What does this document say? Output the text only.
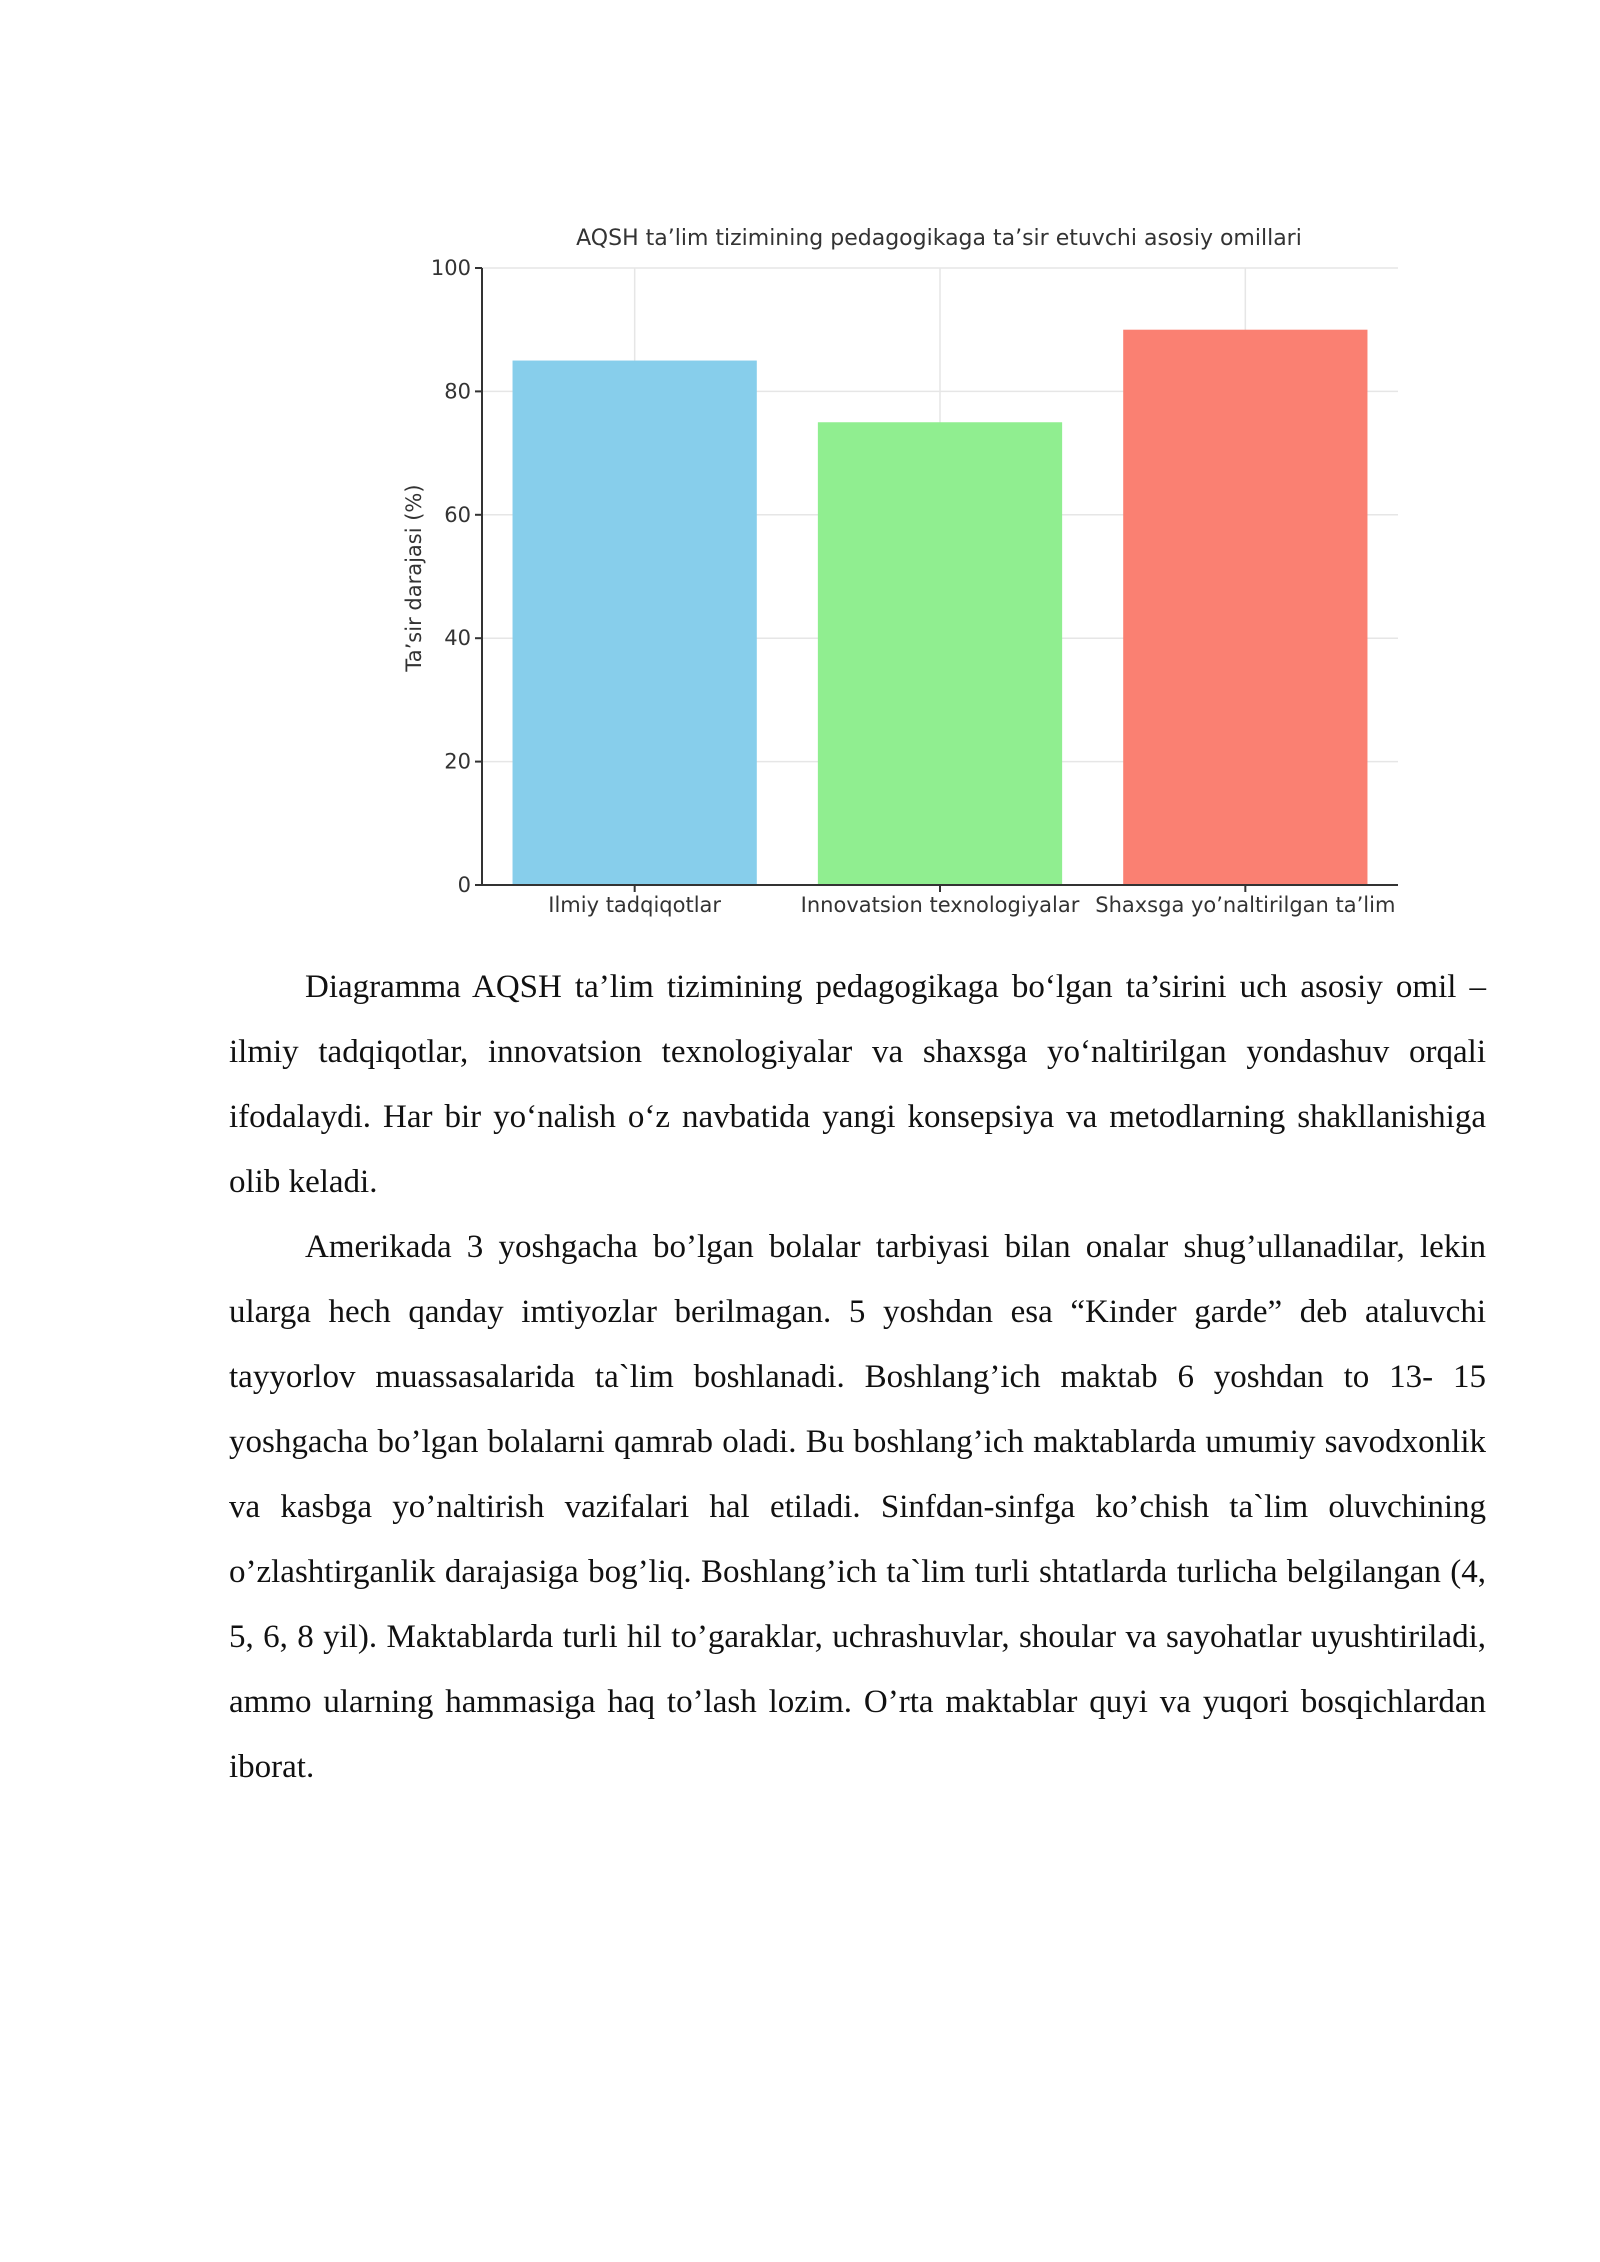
0
20
40
60
80
100
Ilmiy tadqiqotlar	Innovatsion texnologiyalar Shaxsga yo’naltirilgan ta’lim
AQSH ta’lim tizimining pedagogikaga ta’sir etuvchi asosiy omillari
Ta’sir darajasi (%)

Diagramma AQSH ta’lim tizimining pedagogikaga bo‘lgan ta’sirini uch asosiy omil – ilmiy tadqiqotlar, innovatsion texnologiyalar va shaxsga yo‘naltirilgan yondashuv orqali ifodalaydi. Har bir yo‘nalish o‘z navbatida yangi konsepsiya va metodlarning shakllanishiga olib keladi.

Amerikada 3 yoshgacha bo’lgan bolalar tarbiyasi bilan onalar shug’ullanadilar, lekin ularga hech qanday imtiyozlar berilmagan. 5 yoshdan esa “Kinder garde” deb ataluvchi tayyorlov muassasalarida ta`lim boshlanadi. Boshlang’ich maktab 6 yoshdan to 13- 15 yoshgacha bo’lgan bolalarni qamrab oladi. Bu boshlang’ich maktablarda umumiy savodxonlik va kasbga yo’naltirish vazifalari hal etiladi. Sinfdan-sinfga ko’chish ta`lim oluvchining o’zlashtirganlik darajasiga bog’liq. Boshlang’ich ta`lim turli shtatlarda turlicha belgilangan (4, 5, 6, 8 yil). Maktablarda turli hil to’garaklar, uchrashuvlar, shoular va sayohatlar uyushtiriladi, ammo ularning hammasiga haq to’lash lozim. O’rta maktablar quyi va yuqori bosqichlardan iborat.
